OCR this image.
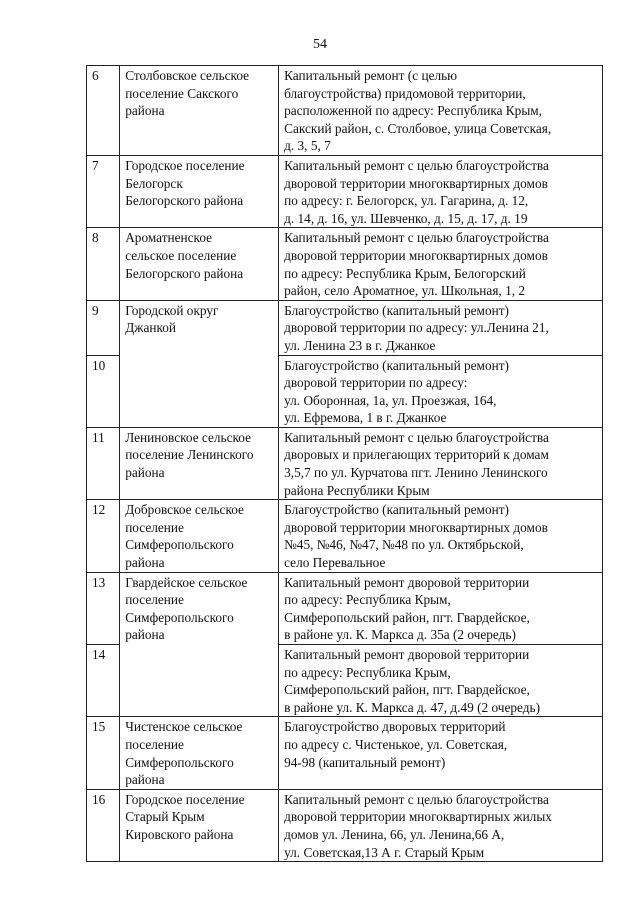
54
6	Столбовское сельское
поселение Сакского
района	Капитальный ремонт (с целью
благоустройства) придомовой территории,
расположенной по адресу: Республика Крым,
Сакский район, с. Столбовое, улица Советская,
д. 3, 5, 7
7	Городское поселение
Белогорск
Белогорского района	Капитальный ремонт с целью благоустройства
дворовой территории многоквартирных домов
по адресу: г. Белогорск, ул. Гагарина, д. 12,
д. 14, д. 16, ул. Шевченко, д. 15, д. 17, д. 19
8	Ароматненское
сельское поселение
Белогорского района	Капитальный ремонт с целью благоустройства
дворовой территории многоквартирных домов
по адресу: Республика Крым, Белогорский
район, село Ароматное, ул. Школьная, 1, 2
9	Городской округ
Джанкой	Благоустройство (капитальный ремонт)
дворовой территории по адресу: ул.Ленина 21,
ул. Ленина 23 в г. Джанкое
10		Благоустройство (капитальный ремонт)
дворовой территории по адресу:
ул. Оборонная, 1а, ул. Проезжая, 164,
ул. Ефремова, 1 в г. Джанкое
11	Лениновское сельское
поселение Ленинского
района	Капитальный ремонт с целью благоустройства
дворовых и прилегающих территорий к домам
3,5,7 по ул. Курчатова пгт. Ленино Ленинского
района Республики Крым
12	Добровское сельское
поселение
Симферопольского
района	Благоустройство (капитальный ремонт)
дворовой территории многоквартирных домов
№45, №46, №47, №48 по ул. Октябрьской,
село Перевальное
13	Гвардейское сельское
поселение
Симферопольского
района	Капитальный ремонт дворовой территории
по адресу: Республика Крым,
Симферопольский район, пгт. Гвардейское,
в районе ул. К. Маркса д. 35а (2 очередь)
14		Капитальный ремонт дворовой территории
по адресу: Республика Крым,
Симферопольский район, пгт. Гвардейское,
в районе ул. К. Маркса д. 47, д.49 (2 очередь)
15	Чистенское сельское
поселение
Симферопольского
района	Благоустройство дворовых территорий
по адресу с. Чистенькое, ул. Советская,
94-98 (капитальный ремонт)
16	Городское поселение
Старый Крым
Кировского района	Капитальный ремонт с целью благоустройства
дворовой территории многоквартирных жилых
домов ул. Ленина, 66, ул. Ленина,66 А,
ул. Советская,13 А г. Старый Крым
